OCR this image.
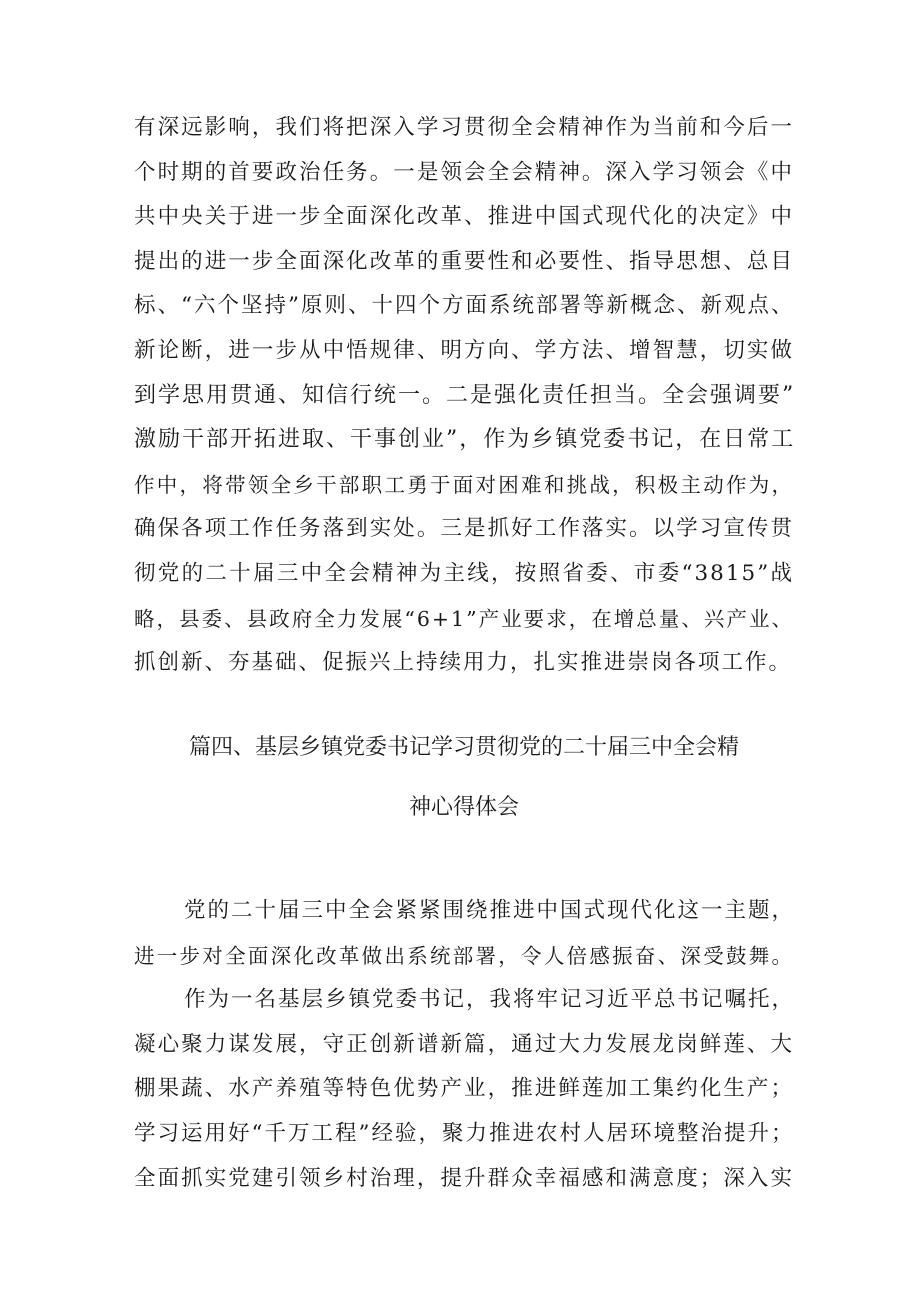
有深远影响，我们将把深入学习贯彻全会精神作为当前和今后一
个时期的首要政治任务。一是领会全会精神。深入学习领会《中
共中央关于进一步全面深化改革、推进中国式现代化的决定》中
提出的进一步全面深化改革的重要性和必要性、指导思想、总目
标、“六个坚持”原则、十四个方面系统部署等新概念、新观点、
新论断，进一步从中悟规律、明方向、学方法、增智慧，切实做
到学思用贯通、知信行统一。二是强化责任担当。全会强调要”
激励干部开拓进取、干事创业”，作为乡镇党委书记，在日常工
作中，将带领全乡干部职工勇于面对困难和挑战，积极主动作为，
确保各项工作任务落到实处。三是抓好工作落实。以学习宣传贯
彻党的二十届三中全会精神为主线，按照省委、市委“3815”战
略，县委、县政府全力发展“6+1”产业要求，在增总量、兴产业、
抓创新、夯基础、促振兴上持续用力，扎实推进崇岗各项工作。
篇四、基层乡镇党委书记学习贯彻党的二十届三中全会精
神心得体会
党的二十届三中全会紧紧围绕推进中国式现代化这一主题，
进一步对全面深化改革做出系统部署，令人倍感振奋、深受鼓舞。
作为一名基层乡镇党委书记，我将牢记习近平总书记嘱托，
凝心聚力谋发展，守正创新谱新篇，通过大力发展龙岗鲜莲、大
棚果蔬、水产养殖等特色优势产业，推进鲜莲加工集约化生产；
学习运用好“千万工程”经验，聚力推进农村人居环境整治提升；
全面抓实党建引领乡村治理，提升群众幸福感和满意度；深入实
